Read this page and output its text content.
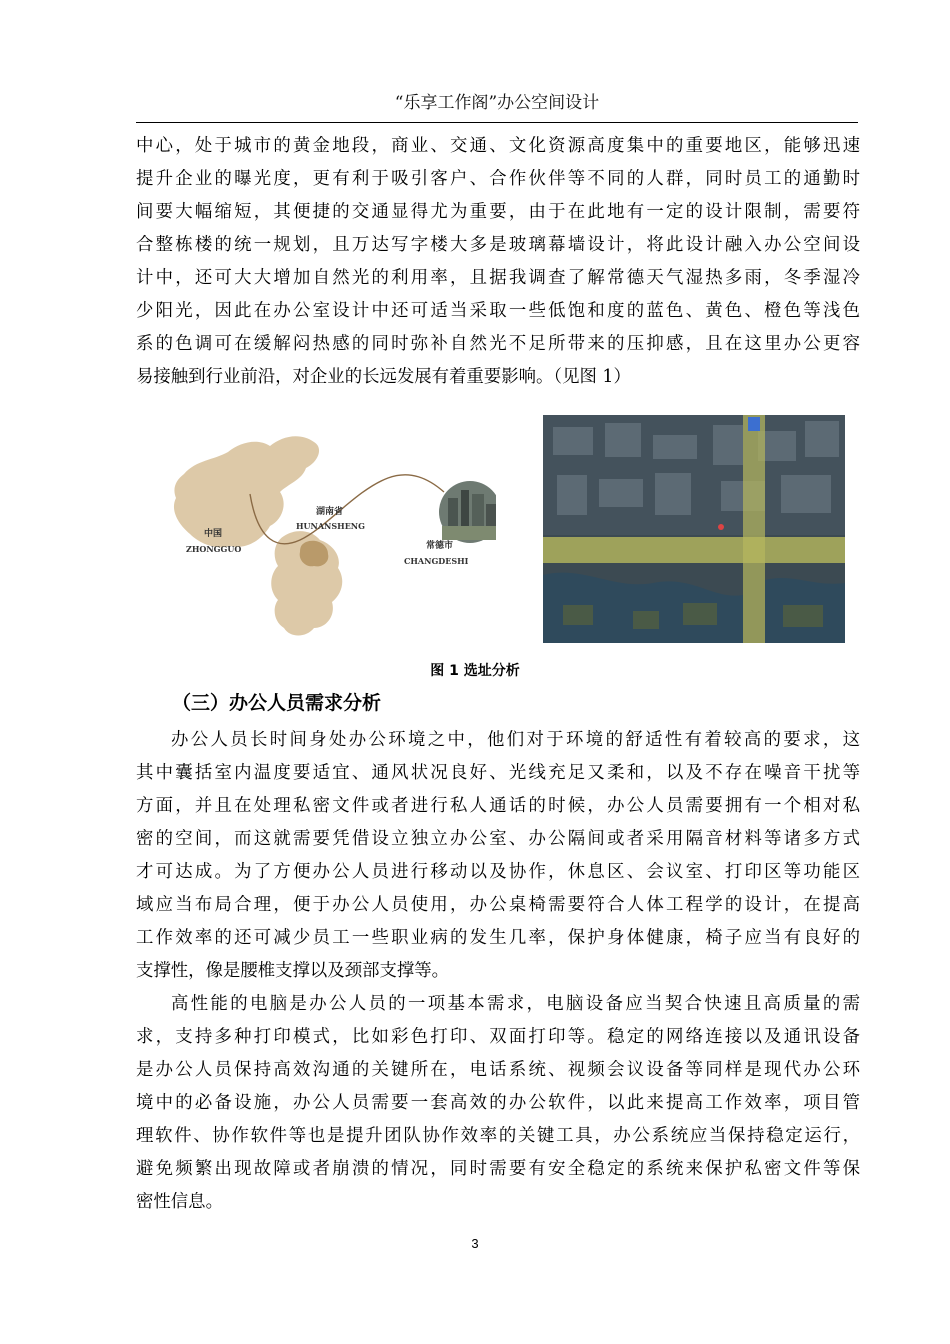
“乐享工作阁”办公空间设计
中心，处于城市的黄金地段，商业、交通、文化资源高度集中的重要地区，能够迅速
提升企业的曝光度，更有利于吸引客户、合作伙伴等不同的人群，同时员工的通勤时
间要大幅缩短，其便捷的交通显得尤为重要，由于在此地有一定的设计限制，需要符
合整栋楼的统一规划，且万达写字楼大多是玻璃幕墙设计，将此设计融入办公空间设
计中，还可大大增加自然光的利用率，且据我调查了解常德天气湿热多雨，冬季湿冷
少阳光，因此在办公室设计中还可适当采取一些低饱和度的蓝色、黄色、橙色等浅色
系的色调可在缓解闷热感的同时弥补自然光不足所带来的压抑感，且在这里办公更容
易接触到行业前沿，对企业的长远发展有着重要影响。（见图 1）
中国
ZHONGGUO
湖南省
HUNANSHENG
常德市
CHANGDESHI
图 1 选址分析
（三）办公人员需求分析
办公人员长时间身处办公环境之中，他们对于环境的舒适性有着较高的要求，这
其中囊括室内温度要适宜、通风状况良好、光线充足又柔和，以及不存在噪音干扰等
方面，并且在处理私密文件或者进行私人通话的时候，办公人员需要拥有一个相对私
密的空间，而这就需要凭借设立独立办公室、办公隔间或者采用隔音材料等诸多方式
才可达成。为了方便办公人员进行移动以及协作，休息区、会议室、打印区等功能区
域应当布局合理，便于办公人员使用，办公桌椅需要符合人体工程学的设计，在提高
工作效率的还可减少员工一些职业病的发生几率，保护身体健康，椅子应当有良好的
支撑性，像是腰椎支撑以及颈部支撑等。
高性能的电脑是办公人员的一项基本需求，电脑设备应当契合快速且高质量的需
求，支持多种打印模式，比如彩色打印、双面打印等。稳定的网络连接以及通讯设备
是办公人员保持高效沟通的关键所在，电话系统、视频会议设备等同样是现代办公环
境中的必备设施，办公人员需要一套高效的办公软件，以此来提高工作效率，项目管
理软件、协作软件等也是提升团队协作效率的关键工具，办公系统应当保持稳定运行，
避免频繁出现故障或者崩溃的情况，同时需要有安全稳定的系统来保护私密文件等保
密性信息。
3
